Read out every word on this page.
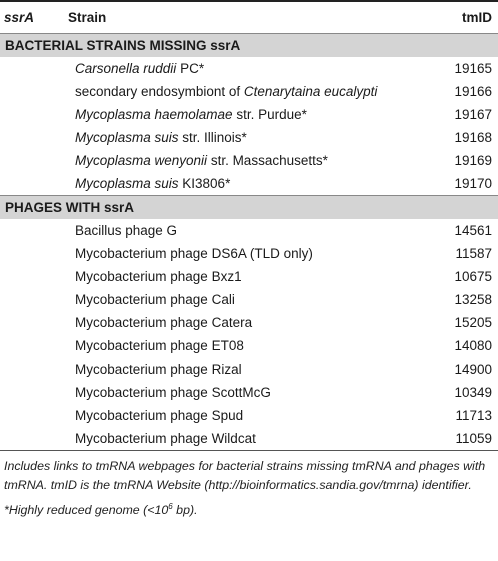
ssrA	Strain	tmID
BACTERIAL STRAINS MISSING ssrA		
	Carsonella ruddii PC*	19165
	secondary endosymbiont of Ctenarytaina eucalypti	19166
	Mycoplasma haemolamae str. Purdue*	19167
	Mycoplasma suis str. Illinois*	19168
	Mycoplasma wenyonii str. Massachusetts*	19169
	Mycoplasma suis KI3806*	19170
PHAGES WITH ssrA		
	Bacillus phage G	14561
	Mycobacterium phage DS6A (TLD only)	11587
	Mycobacterium phage Bxz1	10675
	Mycobacterium phage Cali	13258
	Mycobacterium phage Catera	15205
	Mycobacterium phage ET08	14080
	Mycobacterium phage Rizal	14900
	Mycobacterium phage ScottMcG	10349
	Mycobacterium phage Spud	11713
	Mycobacterium phage Wildcat	11059

Includes links to tmRNA webpages for bacterial strains missing tmRNA and phages with tmRNA. tmID is the tmRNA Website (http://bioinformatics.sandia.gov/tmrna) identifier.

*Highly reduced genome ($<10^6$ bp).
